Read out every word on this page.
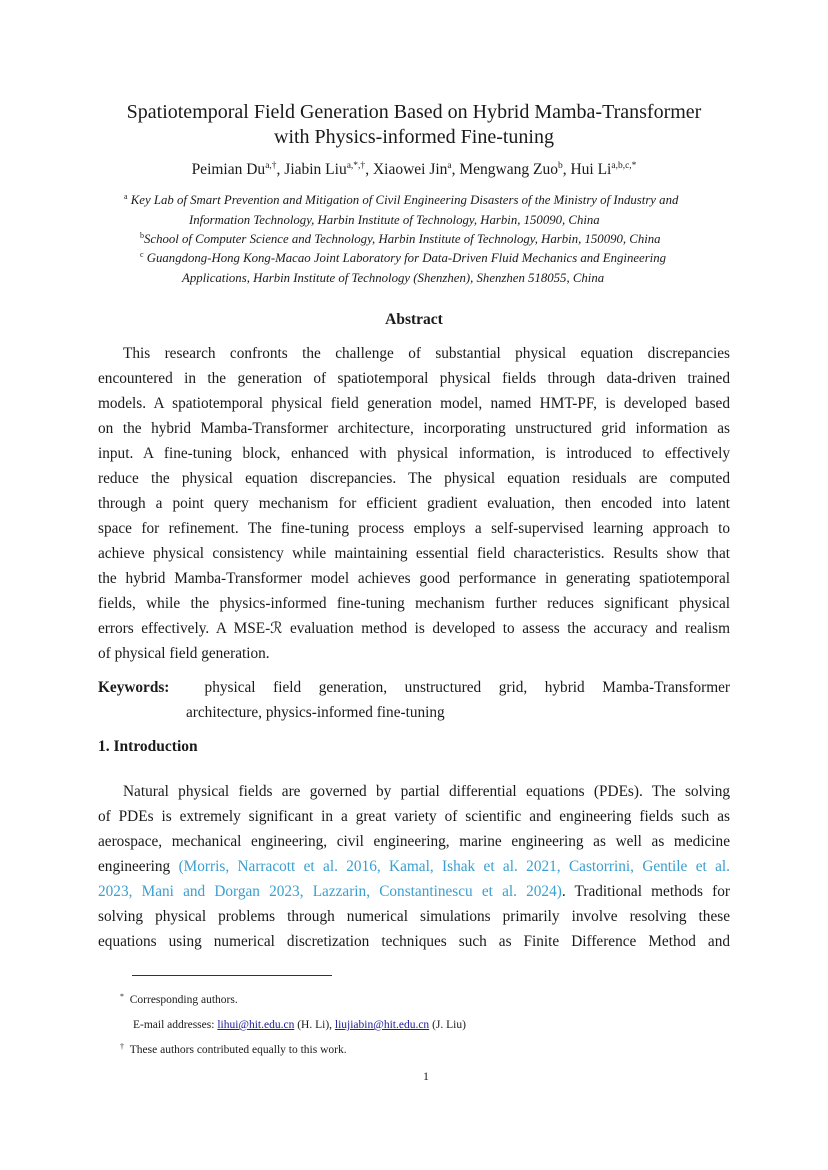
Spatiotemporal Field Generation Based on Hybrid Mamba-Transformer
with Physics-informed Fine-tuning
Peimian $Du^{a,\dagger}$, Jiabin Liu$^{a,*,\dagger}$, Xiaowei Jin$^a$, Mengwang Zuo$^b$, Hui $Li^{a,b,c,*}$
$^a$ Key Lab of Smart Prevention and Mitigation of Civil Engineering Disasters of the Ministry of Industry and
Information Technology, Harbin Institute of Technology, Harbin, 150090, China
$^b$School of Computer Science and Technology, Harbin Institute of Technology, Harbin, 150090, China
$^c$ Guangdong-Hong Kong-Macao Joint Laboratory for Data-Driven Fluid Mechanics and Engineering
Applications, Harbin Institute of Technology (Shenzhen), Shenzhen 518055, China
Abstract
This research confronts the challenge of substantial physical equation discrepancies
encountered in the generation of spatiotemporal physical fields through data-driven trained
models. A spatiotemporal physical field generation model, named HMT-PF, is developed based
on the hybrid Mamba-Transformer architecture, incorporating unstructured grid information as
input. A fine-tuning block, enhanced with physical information, is introduced to effectively
reduce the physical equation discrepancies. The physical equation residuals are computed
through a point query mechanism for efficient gradient evaluation, then encoded into latent
space for refinement. The fine-tuning process employs a self-supervised learning approach to
achieve physical consistency while maintaining essential field characteristics. Results show that
the hybrid Mamba-Transformer model achieves good performance in generating spatiotemporal
fields, while the physics-informed fine-tuning mechanism further reduces significant physical
errors effectively. A MSE-ℛ evaluation method is developed to assess the accuracy and realism
of physical field generation.
Keywords: physical field generation, unstructured grid, hybrid Mamba-Transformer
architecture, physics-informed fine-tuning
1. Introduction
Natural physical fields are governed by partial differential equations (PDEs). The solving
of PDEs is extremely significant in a great variety of scientific and engineering fields such as
aerospace, mechanical engineering, civil engineering, marine engineering as well as medicine
engineering (Morris, Narracott et al. 2016, Kamal, Ishak et al. 2021, Castorrini, Gentile et al.
2023, Mani and Dorgan 2023, Lazzarin, Constantinescu et al. 2024). Traditional methods for
solving physical problems through numerical simulations primarily involve resolving these
equations using numerical discretization techniques such as Finite Difference Method and
* Corresponding authors.
E-mail addresses: lihui@hit.edu.cn (H. Li), liujiabin@hit.edu.cn (J. Liu)
† These authors contributed equally to this work.
1
